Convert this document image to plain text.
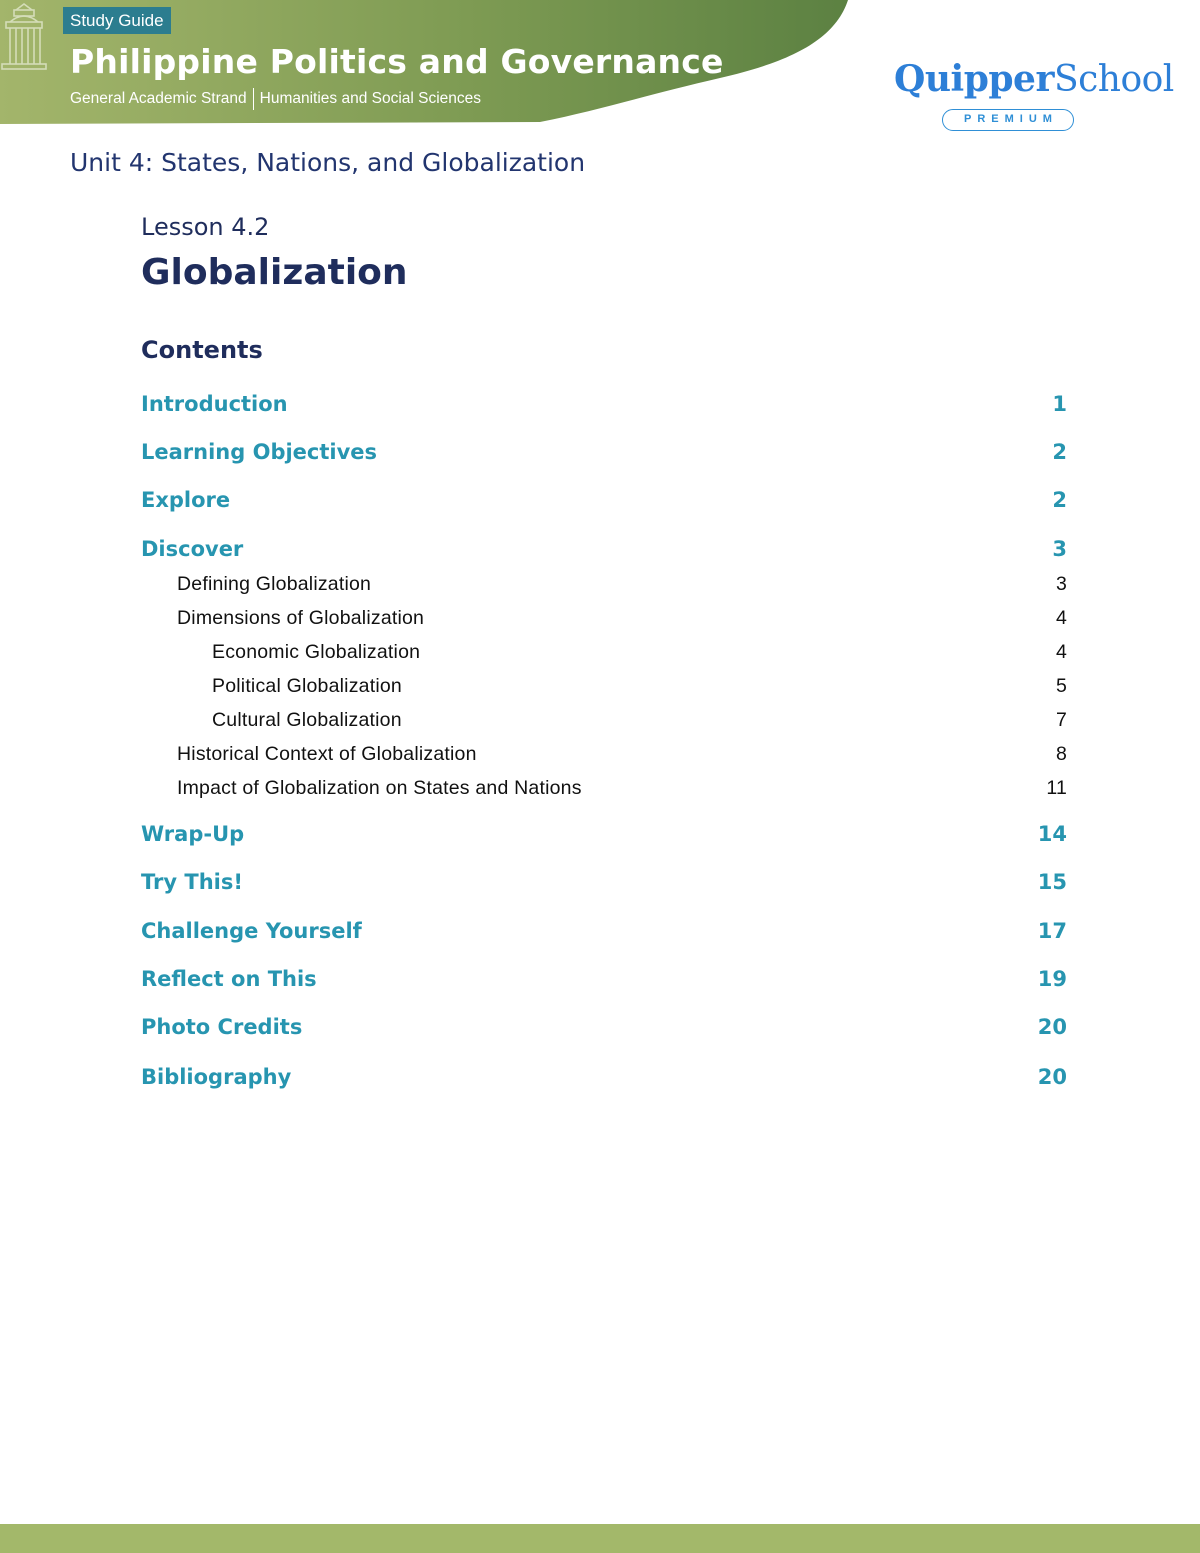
Study Guide
Philippine Politics and Governance
General Academic Strand Humanities and Social Sciences	QuipperSchool
PREMIUM
Unit 4: States, Nations, and Globalization
Lesson 4.2
Globalization
Contents
Introduction	1
Learning Objectives	2
Explore	2
Discover	3
Defining Globalization	3
Dimensions of Globalization	4
Economic Globalization	4
Political Globalization	5
Cultural Globalization	7
Historical Context of Globalization	8
Impact of Globalization on States and Nations	11
Wrap-Up	14
Try This!	15
Challenge Yourself	17
Reflect on This	19
Photo Credits	20
Bibliography	20
